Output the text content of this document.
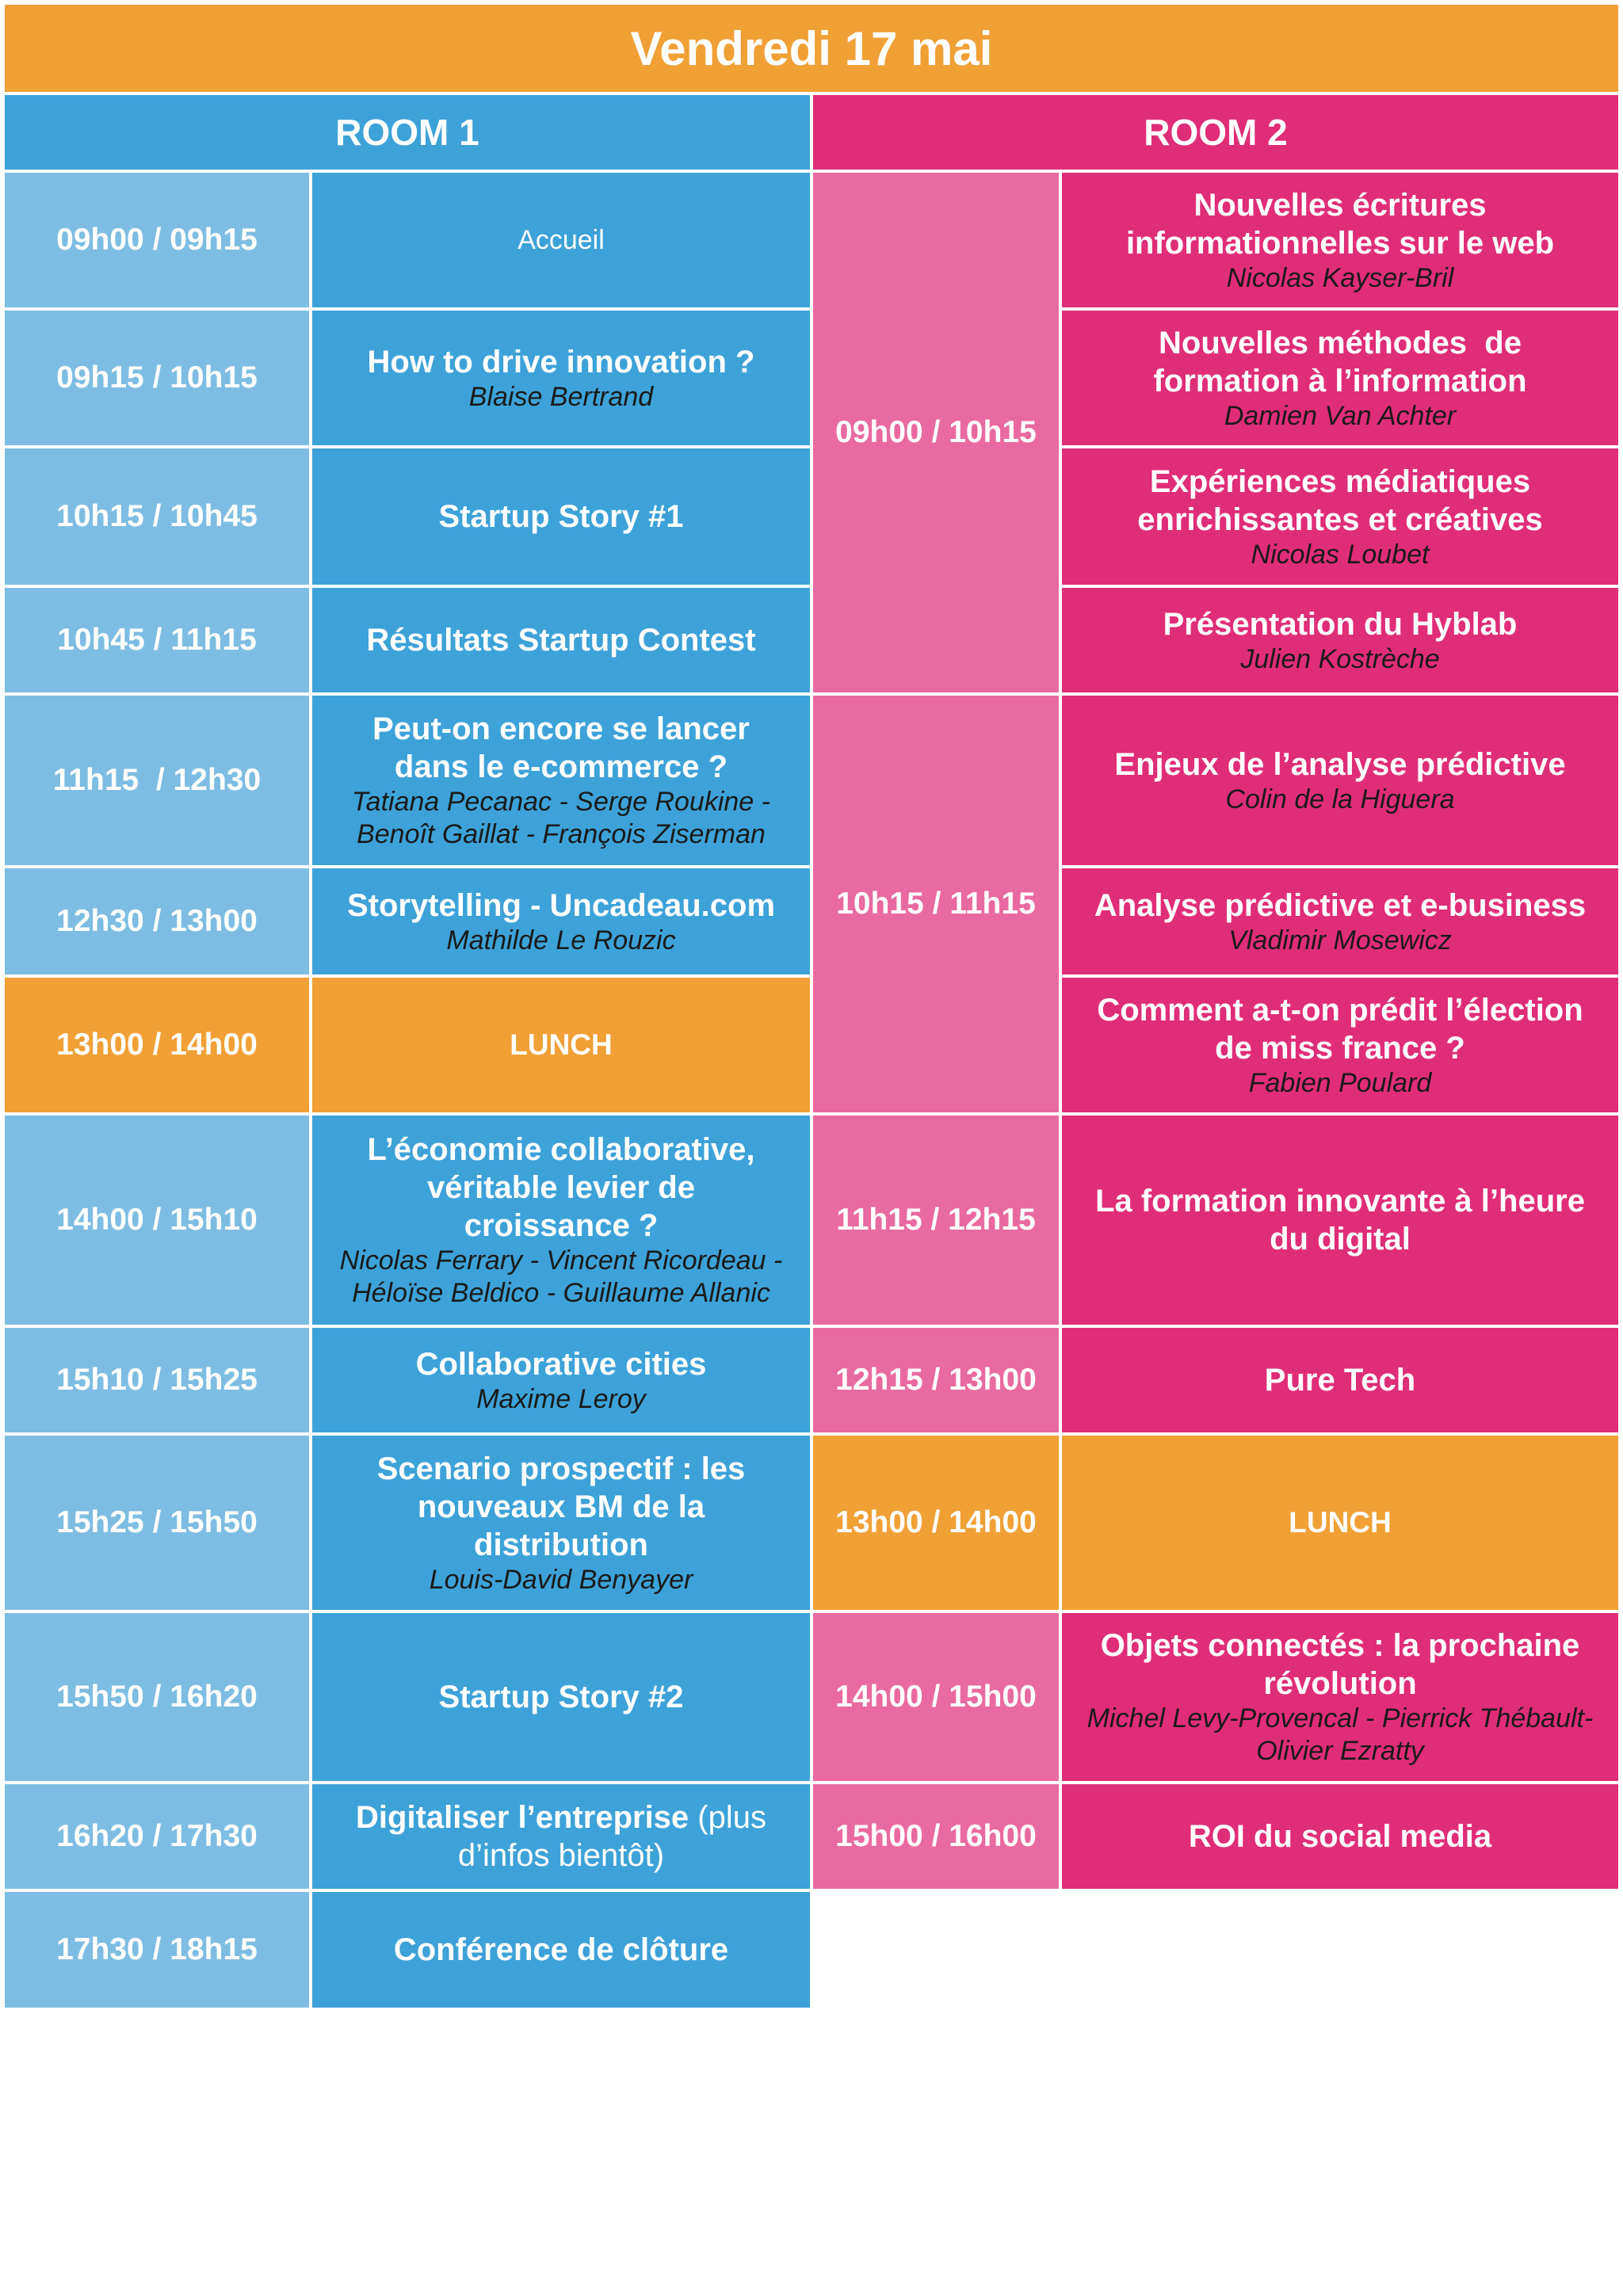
Vendredi 17 mai
ROOM 1	ROOM 2
09h00 / 09h15
09h15 / 10h15
10h15 / 10h45
10h45 / 11h15
11h15  / 12h30
12h30 / 13h00
13h00 / 14h00
14h00 / 15h10
15h10 / 15h25
15h25 / 15h50
15h50 / 16h20
16h20 / 17h30
17h30 / 18h15
Accueil
How to drive innovation ?
Blaise Bertrand
Startup Story #1
Résultats Startup Contest
Peut-on encore se lancer
dans le e-commerce ?
Tatiana Pecanac - Serge Roukine -
Benoît Gaillat - François Ziserman
Storytelling - Uncadeau.com
Mathilde Le Rouzic
LUNCH
L’économie collaborative,
véritable levier de
croissance ?
Nicolas Ferrary - Vincent Ricordeau -
Héloïse Beldico - Guillaume Allanic
Collaborative cities
Maxime Leroy
Scenario prospectif : les
nouveaux BM de la
distribution
Louis-David Benyayer
Startup Story #2
Digitaliser l’entreprise (plus
d’infos bientôt)
Conférence de clôture
09h00 / 10h15
10h15 / 11h15
11h15 / 12h15
12h15 / 13h00
13h00 / 14h00
14h00 / 15h00
15h00 / 16h00
Nouvelles écritures
informationnelles sur le web
Nicolas Kayser-Bril
Nouvelles méthodes  de
formation à l’information
Damien Van Achter
Expériences médiatiques
enrichissantes et créatives
Nicolas Loubet
Présentation du Hyblab
Julien Kostrèche
Enjeux de l’analyse prédictive
Colin de la Higuera
Analyse prédictive et e-business
Vladimir Mosewicz
Comment a-t-on prédit l’élection
de miss france ?
Fabien Poulard
La formation innovante à l’heure
du digital
Pure Tech
LUNCH
Objets connectés : la prochaine
révolution
Michel Levy-Provencal - Pierrick Thébault-
Olivier Ezratty
ROI du social media
